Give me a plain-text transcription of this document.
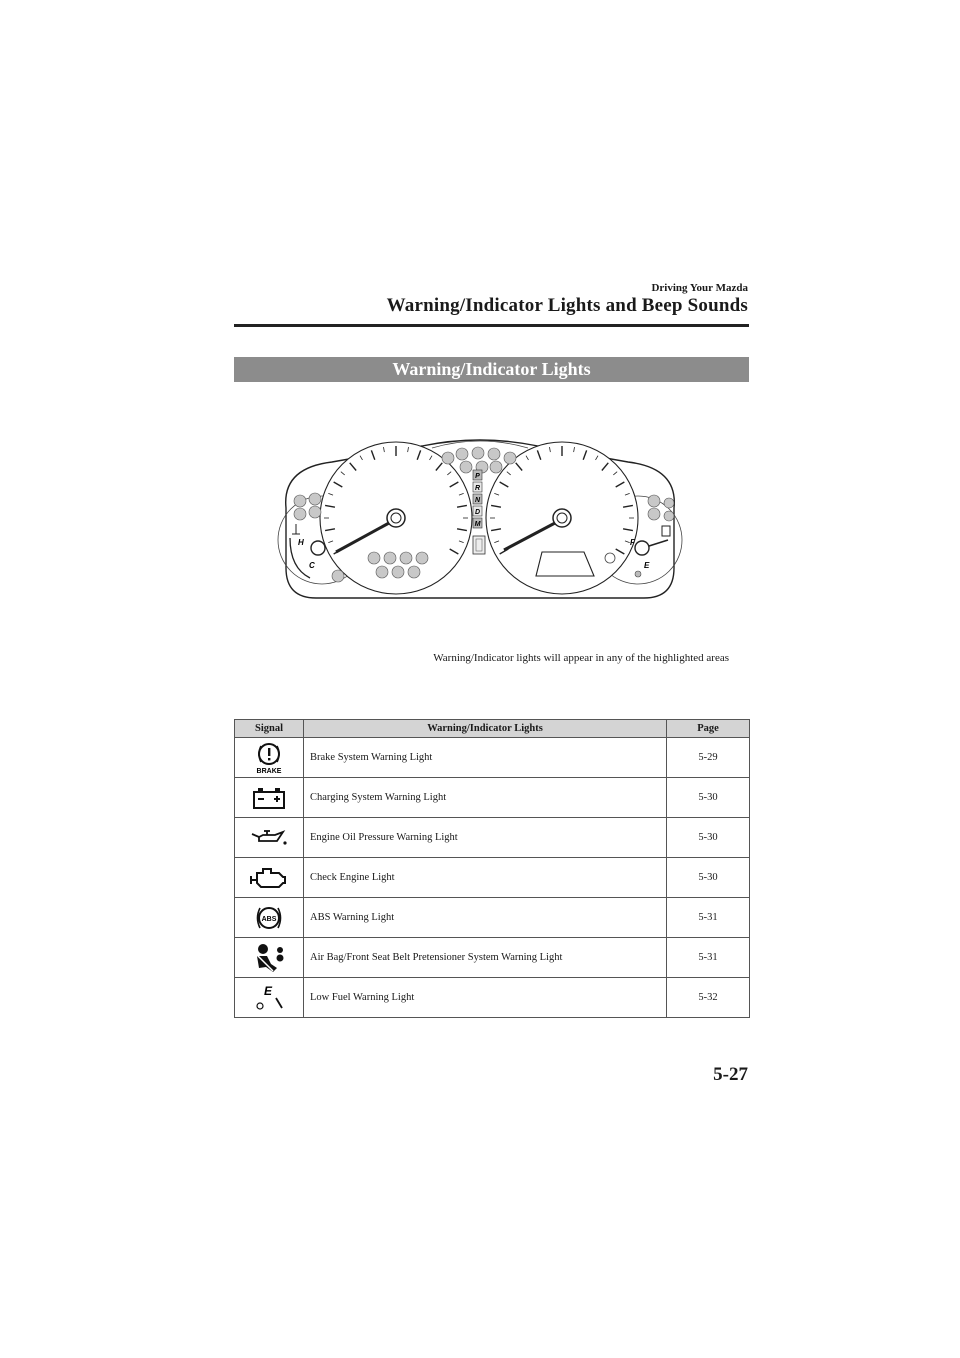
Driving Your Mazda
Warning/Indicator Lights and Beep Sounds
Warning/Indicator Lights
P
R
N
D
M
H
C
F
E
Warning/Indicator lights will appear in any of the highlighted areas
Signal	Warning/Indicator Lights	Page

BRAKE	Brake System Warning Light	5-29
	Charging System Warning Light	5-30
	Engine Oil Pressure Warning Light	5-30
	Check Engine Light	5-30

ABS	ABS Warning Light	5-31
	Air Bag/Front Seat Belt Pretensioner System Warning Light	5-31

E	Low Fuel Warning Light	5-32
5-27
